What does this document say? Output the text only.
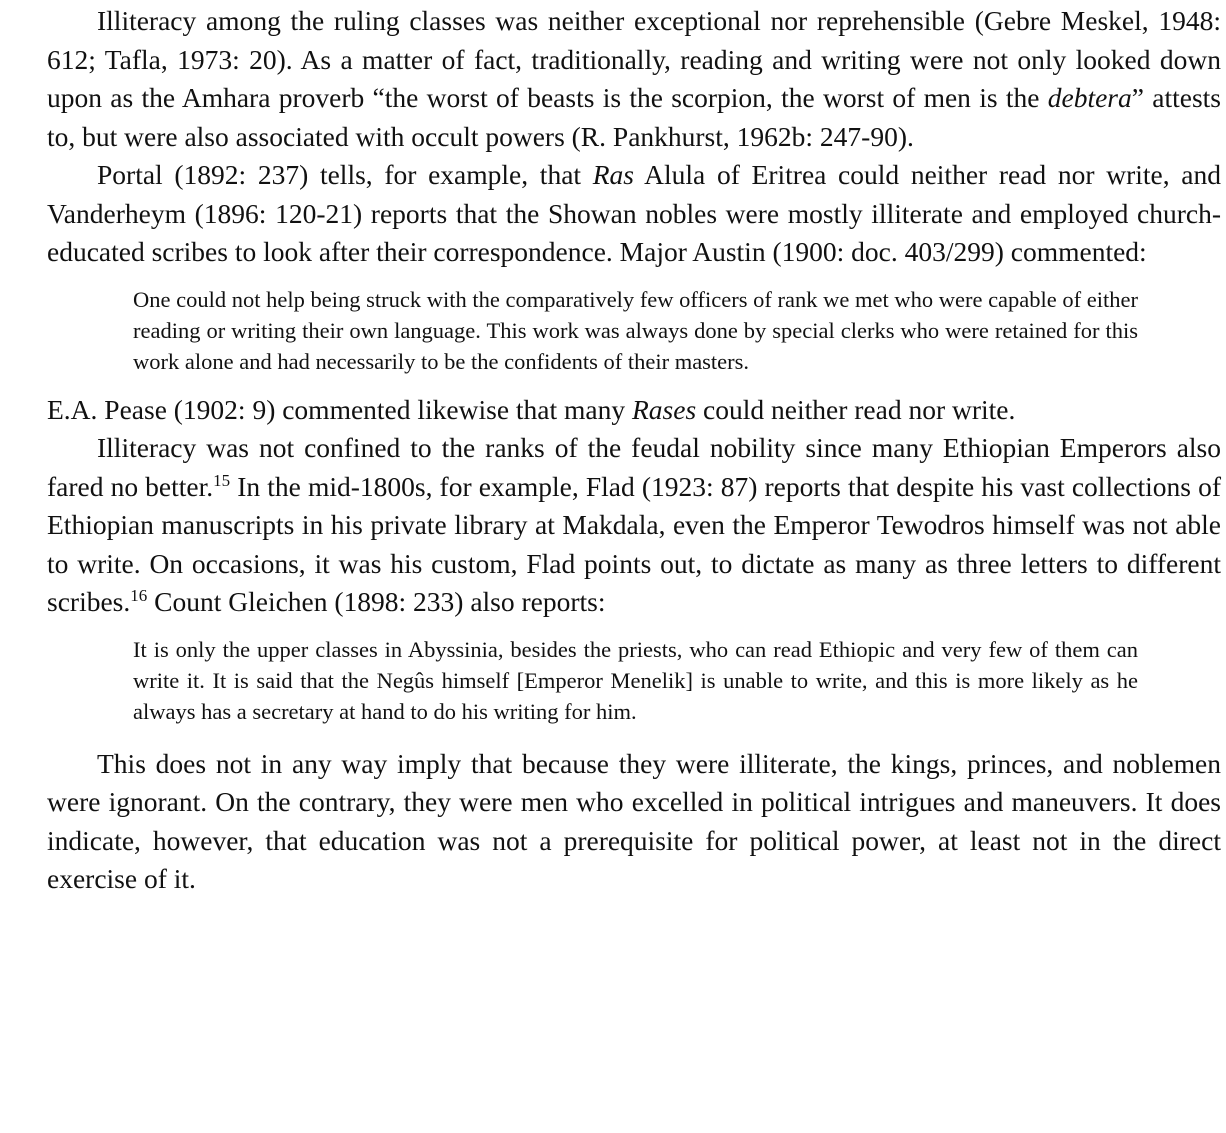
Illiteracy among the ruling classes was neither exceptional nor reprehensible (Gebre Meskel, 1948: 612; Tafla, 1973: 20). As a matter of fact, traditionally, reading and writing were not only looked down upon as the Amhara proverb “the worst of beasts is the scorpion, the worst of men is the debtera” attests to, but were also associated with occult powers (R. Pankhurst, 1962b: 247-90).

Portal (1892: 237) tells, for example, that Ras Alula of Eritrea could neither read nor write, and Vanderheym (1896: 120-21) reports that the Showan nobles were mostly illiterate and employed church-educated scribes to look after their correspondence. Major Austin (1900: doc. 403/299) commented:

One could not help being struck with the comparatively few officers of rank we met who were capable of either reading or writing their own language. This work was always done by special clerks who were retained for this work alone and had necessarily to be the confidents of their masters.

E.A. Pease (1902: 9) commented likewise that many Rases could neither read nor write.

Illiteracy was not confined to the ranks of the feudal nobility since many Ethiopian Emperors also fared no better.$^{15}$ In the mid-1800s, for example, Flad (1923: 87) reports that despite his vast collections of Ethiopian manuscripts in his private library at Makdala, even the Emperor Tewodros himself was not able to write. On occasions, it was his custom, Flad points out, to dictate as many as three letters to different scribes.$^{16}$ Count Gleichen (1898: 233) also reports:

It is only the upper classes in Abyssinia, besides the priests, who can read Ethiopic and very few of them can write it. It is said that the Negûs himself [Emperor Menelik] is unable to write, and this is more likely as he always has a secretary at hand to do his writing for him.

This does not in any way imply that because they were illiterate, the kings, princes, and noblemen were ignorant. On the contrary, they were men who excelled in political intrigues and maneuvers. It does indicate, however, that education was not a prerequisite for political power, at least not in the direct exercise of it.
